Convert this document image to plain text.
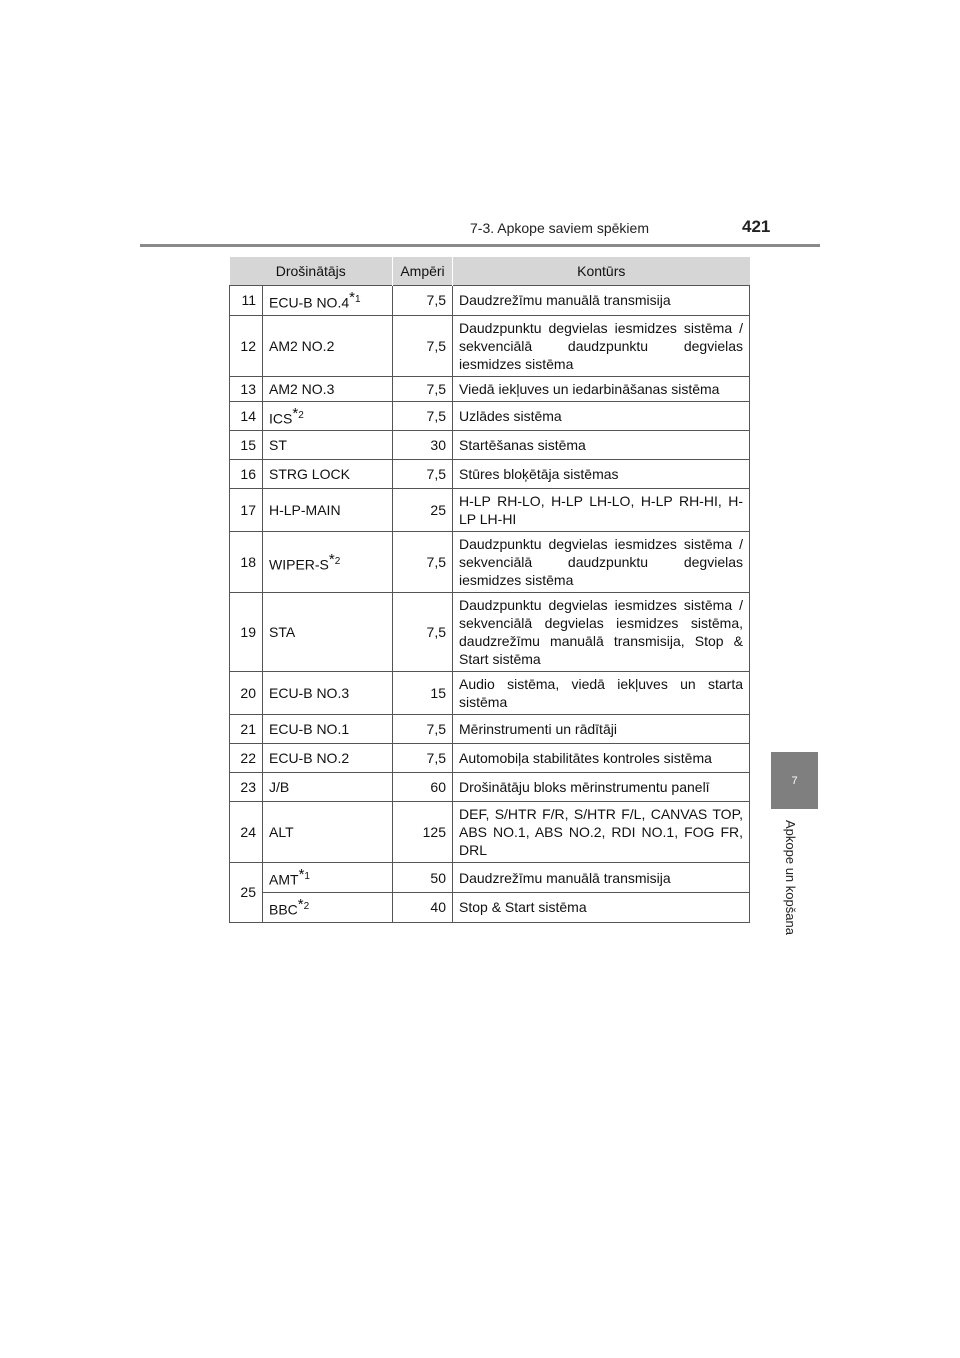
7-3. Apkope saviem spēkiem	421
7
Apkope un kopšana
Drošinātājs		Ampēri	Kontūrs
11	ECU-B NO.4$^{*1}$	7,5	Daudzrežīmu manuālā transmisija
12	AM2 NO.2	7,5	Daudzpunktu degvielas iesmidzes sistēma / sekvenciālā daudzpunktu degvielas iesmidzes sistēma
13	AM2 NO.3	7,5	Viedā iekļuves un iedarbināšanas sistēma
14	ICS$^{*2}$	7,5	Uzlādes sistēma
15	ST	30	Startēšanas sistēma
16	STRG LOCK	7,5	Stūres bloķētāja sistēmas
17	H-LP-MAIN	25	H-LP RH-LO, H-LP LH-LO, H-LP RH-HI, H-LP LH-HI
18	WIPER-$S^{*2}$	7,5	Daudzpunktu degvielas iesmidzes sistēma / sekvenciālā daudzpunktu degvielas iesmidzes sistēma
19	STA	7,5	Daudzpunktu degvielas iesmidzes sistēma / sekvenciālā degvielas iesmidzes sistēma, daudzrežīmu manuālā transmisija, Stop & Start sistēma
20	ECU-B NO.3	15	Audio sistēma, viedā iekļuves un starta sistēma
21	ECU-B NO.1	7,5	Mērinstrumenti un rādītāji
22	ECU-B NO.2	7,5	Automobiļa stabilitātes kontroles sistēma
23	J/B	60	Drošinātāju bloks mērinstrumentu panelī
24	ALT	125	DEF, S/HTR F/R, S/HTR F/L, CANVAS TOP, ABS NO.1, ABS NO.2, RDI NO.1, FOG FR, DRL
25	AMT$^{*1}$	50	Daudzrežīmu manuālā transmisija
	BBC$^{*2}$	40	Stop & Start sistēma
